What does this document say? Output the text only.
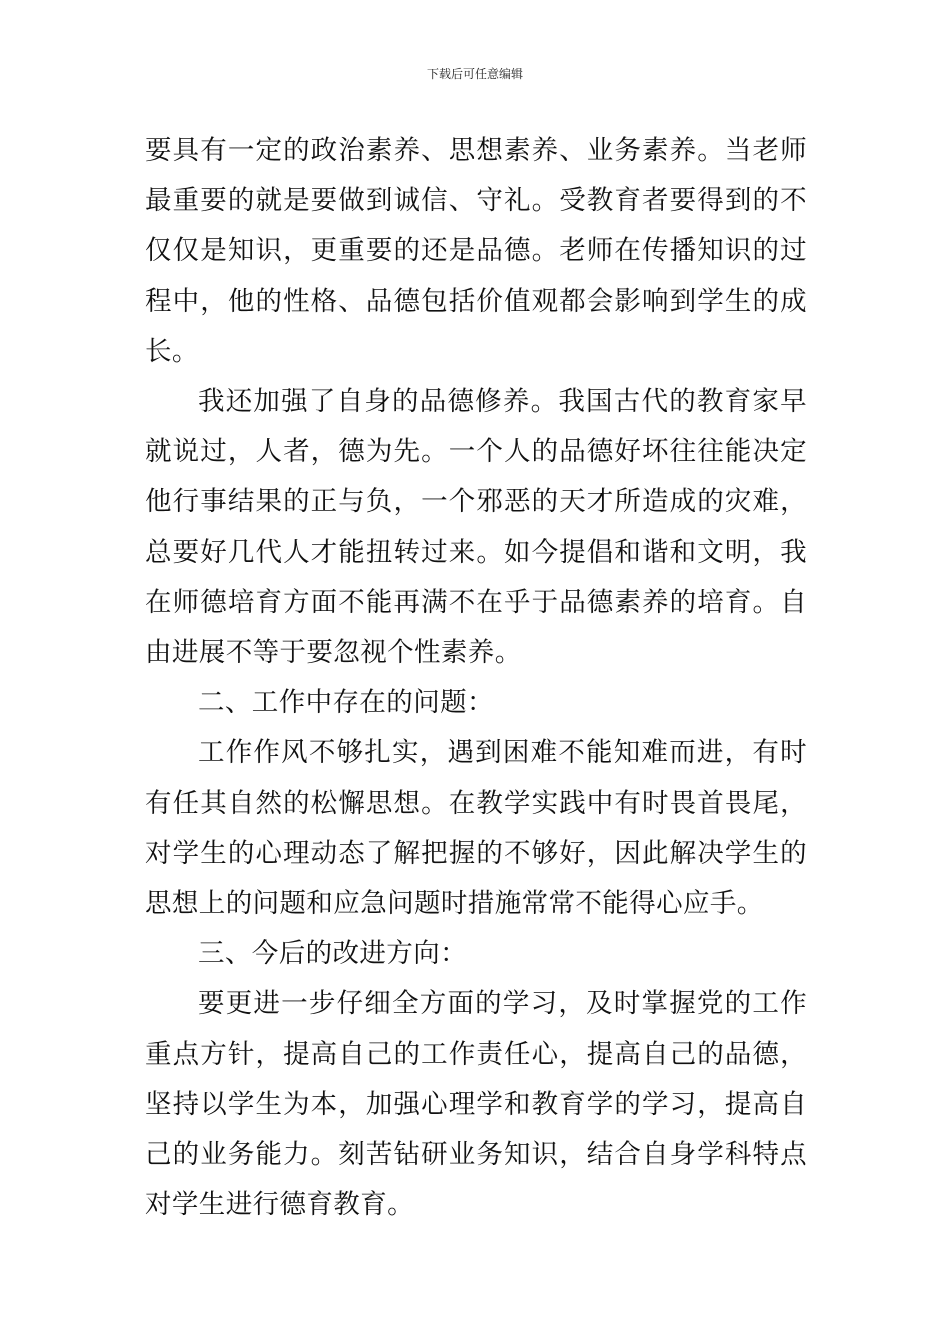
下载后可任意编辑

要具有一定的政治素养、思想素养、业务素养。当老师最重要的就是要做到诚信、守礼。受教育者要得到的不仅仅是知识，更重要的还是品德。老师在传播知识的过程中，他的性格、品德包括价值观都会影响到学生的成长。

我还加强了自身的品德修养。我国古代的教育家早就说过，人者，德为先。一个人的品德好坏往往能决定他行事结果的正与负，一个邪恶的天才所造成的灾难，总要好几代人才能扭转过来。如今提倡和谐和文明，我在师德培育方面不能再满不在乎于品德素养的培育。自由进展不等于要忽视个性素养。

二、工作中存在的问题：

工作作风不够扎实，遇到困难不能知难而进，有时有任其自然的松懈思想。在教学实践中有时畏首畏尾，对学生的心理动态了解把握的不够好，因此解决学生的思想上的问题和应急问题时措施常常不能得心应手。

三、今后的改进方向：

要更进一步仔细全方面的学习，及时掌握党的工作重点方针，提高自己的工作责任心，提高自己的品德，坚持以学生为本，加强心理学和教育学的学习，提高自己的业务能力。刻苦钻研业务知识，结合自身学科特点对学生进行德育教育。
